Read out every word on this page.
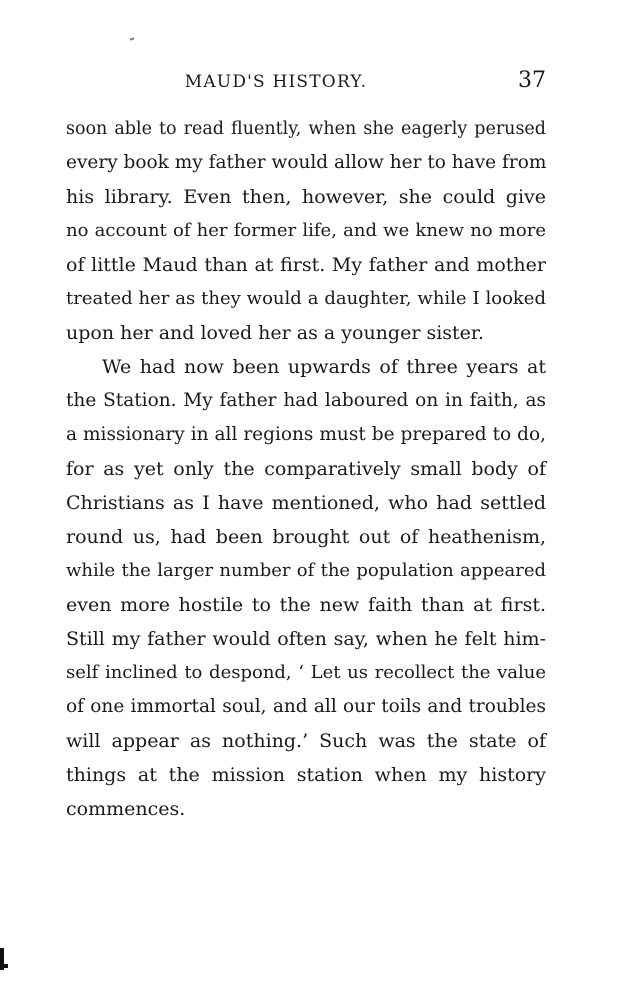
MAUD'S HISTORY.	37
soon able to read fluently, when she eagerly perused
every book my father would allow her to have from
his library. Even then, however, she could give
no account of her former life, and we knew no more
of little Maud than at first. My father and mother
treated her as they would a daughter, while I looked
upon her and loved her as a younger sister.
We had now been upwards of three years at
the Station. My father had laboured on in faith, as
a missionary in all regions must be prepared to do,
for as yet only the comparatively small body of
Christians as I have mentioned, who had settled
round us, had been brought out of heathenism,
while the larger number of the population appeared
even more hostile to the new faith than at first.
Still my father would often say, when he felt him-
self inclined to despond, ‘ Let us recollect the value
of one immortal soul, and all our toils and troubles
will appear as nothing.’ Such was the state of
things at the mission station when my history
commences.
